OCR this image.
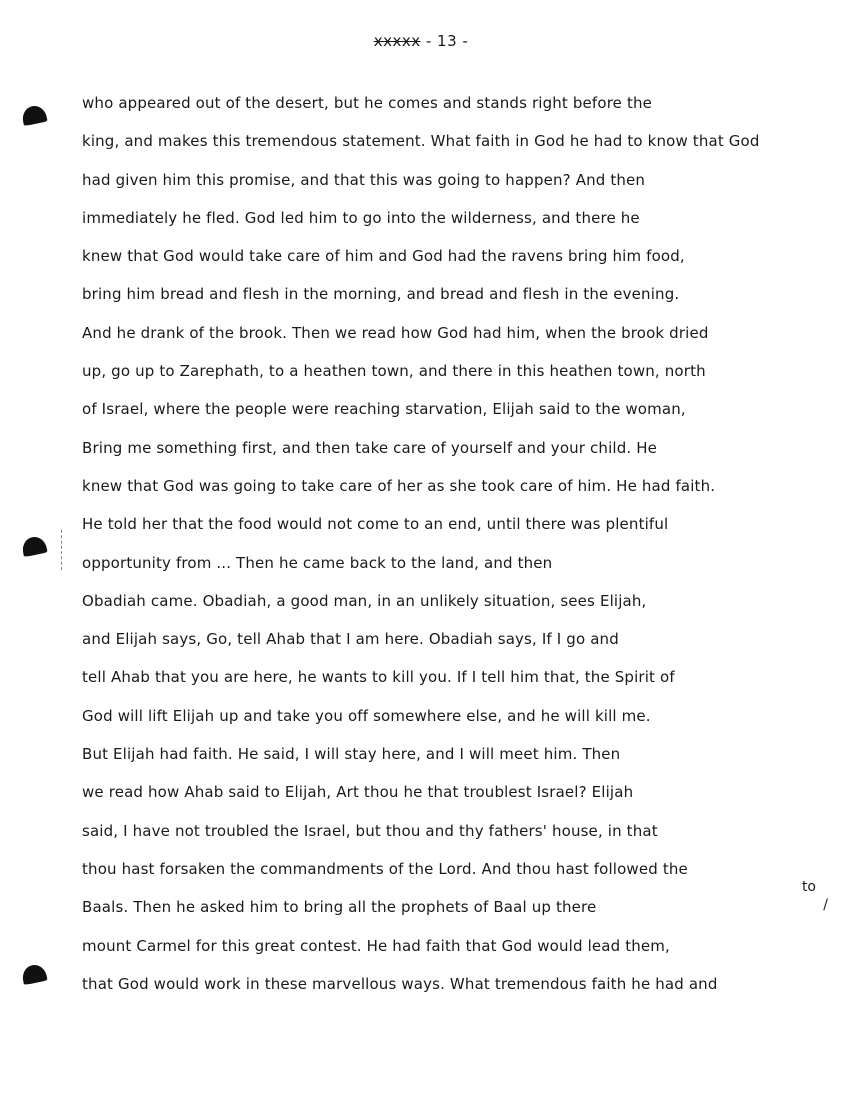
xxxxx - 13 -
who appeared out of the desert, but he comes and stands right before the
king, and makes this tremendous statement. What faith in God he had to know that God
had given him this promise, and that this was going to happen? And then
immediately he fled. God led him to go into the wilderness, and there he
knew that God would take care of him and God had the ravens bring him food,
bring him bread and flesh in the morning, and bread and flesh in the evening.
And he drank of the brook. Then we read how God had him, when the brook dried
up, go up to Zarephath, to a heathen town, and there in this heathen town, north
of Israel, where the people were reaching starvation, Elijah said to the woman,
Bring me something first, and then take care of yourself and your child. He
knew that God was going to take care of her as she took care of him. He had faith.
He told her that the food would not come to an end, until there was plentiful
opportunity from ... Then he came back to the land, and then
Obadiah came. Obadiah, a good man, in an unlikely situation, sees Elijah,
and Elijah says, Go, tell Ahab that I am here. Obadiah says, If I go and
tell Ahab that you are here, he wants to kill you. If I tell him that, the Spirit of
God will lift Elijah up and take you off somewhere else, and he will kill me.
But Elijah had faith. He said, I will stay here, and I will meet him. Then
we read how Ahab said to Elijah, Art thou he that troublest Israel? Elijah
said, I have not troubled the Israel, but thou and thy fathers' house, in that
thou hast forsaken the commandments of the Lord. And thou hast followed the
Baals. Then he asked him to bring all the prophets of Baal up there
mount Carmel for this great contest. He had faith that God would lead them,
that God would work in these marvellous ways. What tremendous faith he had and
to
/
